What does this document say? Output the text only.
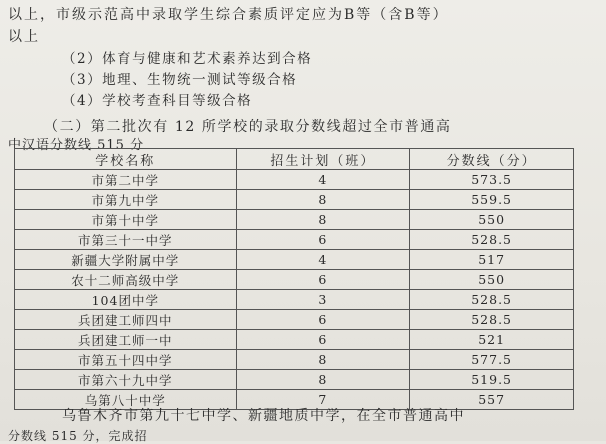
以上，市级示范高中录取学生综合素质评定应为B等（含B等）
以上
（2）体育与健康和艺术素养达到合格
（3）地理、生物统一测试等级合格
（4）学校考查科目等级合格
（二）第二批次有 12 所学校的录取分数线超过全市普通高
中汉语分数线 515 分
学校名称	招生计划（班）	分数线（分）
市第二中学	4	573.5
市第九中学	8	559.5
市第十中学	8	550
市第三十一中学	6	528.5
新疆大学附属中学	4	517
农十二师高级中学	6	550
104团中学	3	528.5
兵团建工师四中	6	528.5
兵团建工师一中	6	521
市第五十四中学	8	577.5
市第六十九中学	8	519.5
乌第八十中学	7	557
乌鲁木齐市第九十七中学、新疆地质中学，在全市普通高中
分数线 515 分，完成招
